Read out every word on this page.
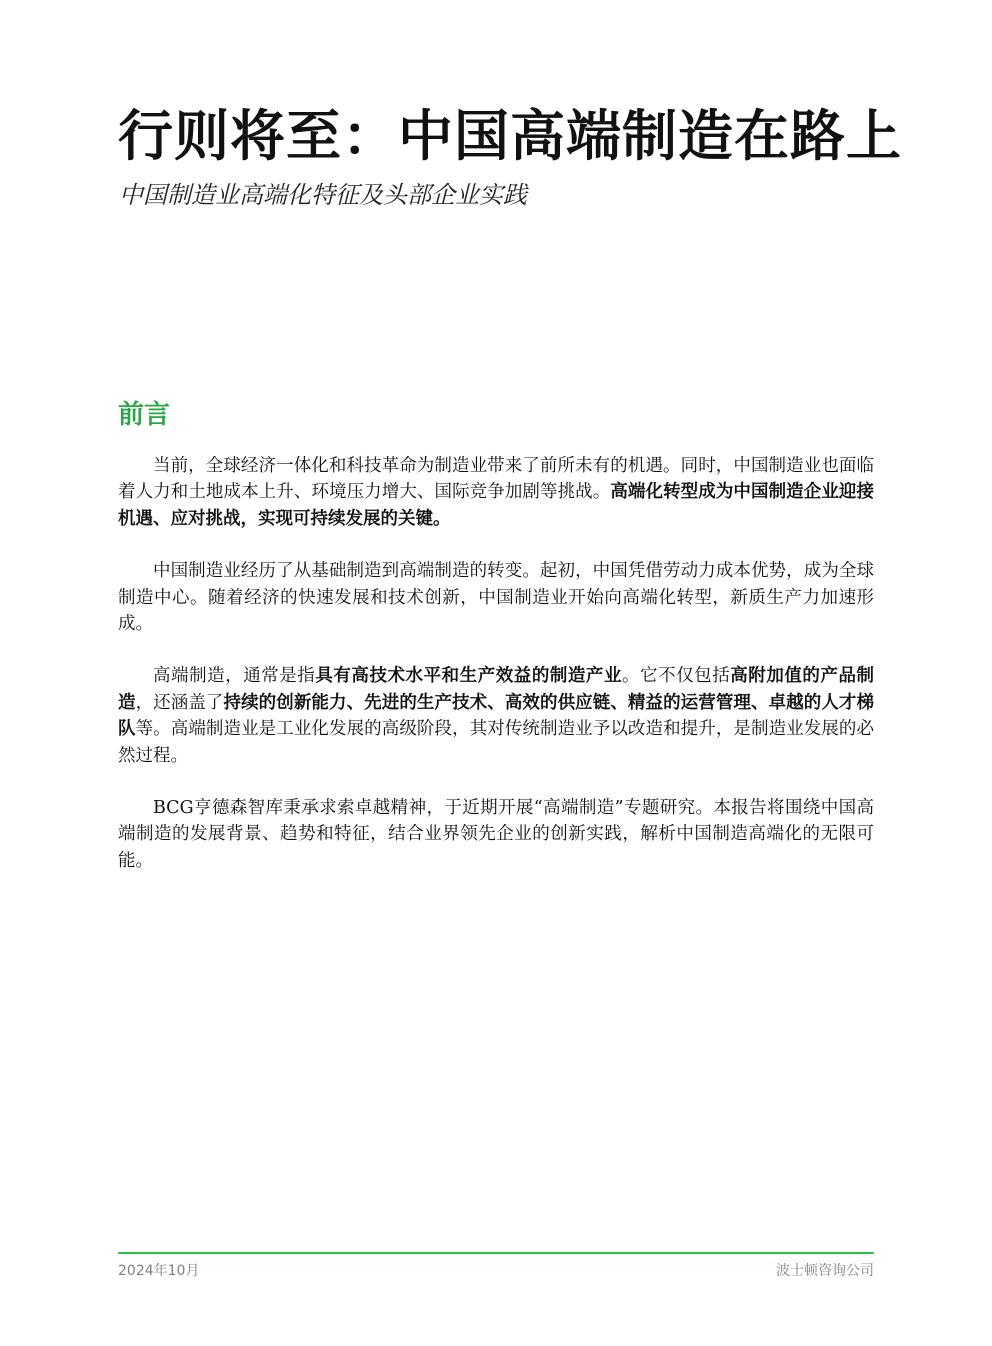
行则将至：中国高端制造在路上
中国制造业高端化特征及头部企业实践
前言

当前，全球经济一体化和科技革命为制造业带来了前所未有的机遇。同时，中国制造业也面临着人力和土地成本上升、环境压力增大、国际竞争加剧等挑战。高端化转型成为中国制造企业迎接机遇、应对挑战，实现可持续发展的关键。

中国制造业经历了从基础制造到高端制造的转变。起初，中国凭借劳动力成本优势，成为全球制造中心。随着经济的快速发展和技术创新，中国制造业开始向高端化转型，新质生产力加速形成。

高端制造，通常是指具有高技术水平和生产效益的制造产业。它不仅包括高附加值的产品制造，还涵盖了持续的创新能力、先进的生产技术、高效的供应链、精益的运营管理、卓越的人才梯队等。高端制造业是工业化发展的高级阶段，其对传统制造业予以改造和提升，是制造业发展的必然过程。

BCG亨德森智库秉承求索卓越精神，于近期开展“高端制造”专题研究。本报告将围绕中国高端制造的发展背景、趋势和特征，结合业界领先企业的创新实践，解析中国制造高端化的无限可能。

2024年10月	波士顿咨询公司
